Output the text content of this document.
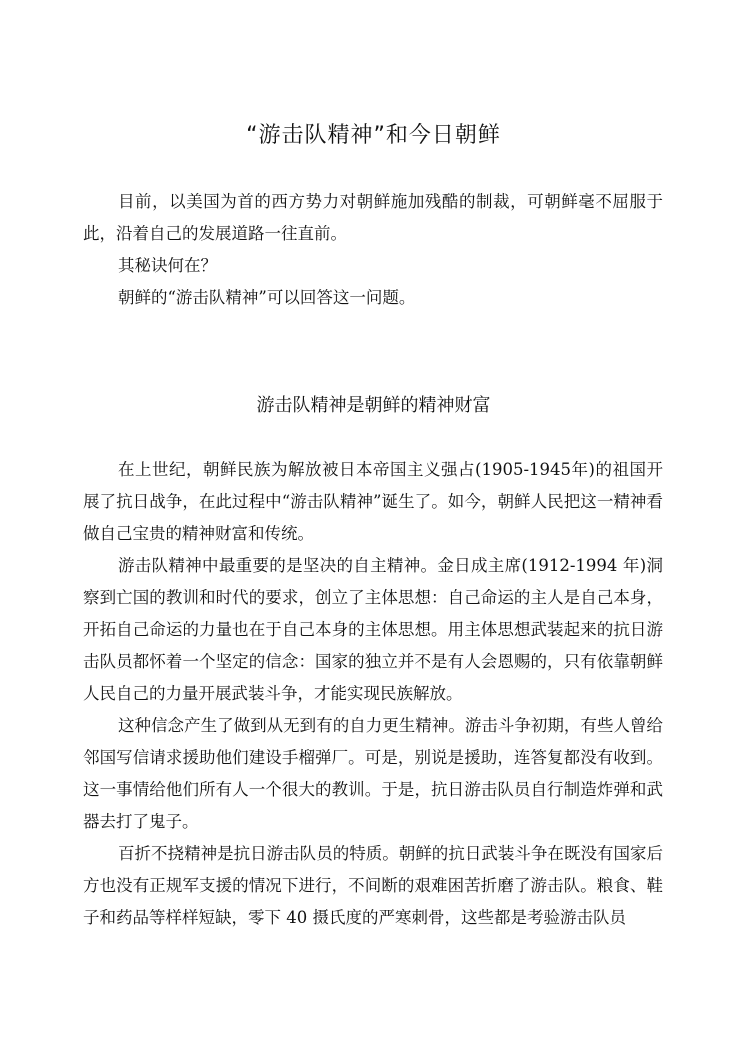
“游击队精神”和今日朝鲜

目前，以美国为首的西方势力对朝鲜施加残酷的制裁，可朝鲜毫不屈服于此，沿着自己的发展道路一往直前。

其秘诀何在？

朝鲜的“游击队精神”可以回答这一问题。

游击队精神是朝鲜的精神财富

在上世纪，朝鲜民族为解放被日本帝国主义强占(1905-1945年)的祖国开展了抗日战争，在此过程中“游击队精神”诞生了。如今，朝鲜人民把这一精神看做自己宝贵的精神财富和传统。

游击队精神中最重要的是坚决的自主精神。金日成主席(1912-1994 年)洞察到亡国的教训和时代的要求，创立了主体思想：自己命运的主人是自己本身，开拓自己命运的力量也在于自己本身的主体思想。用主体思想武装起来的抗日游击队员都怀着一个坚定的信念：国家的独立并不是有人会恩赐的，只有依靠朝鲜人民自己的力量开展武装斗争，才能实现民族解放。

这种信念产生了做到从无到有的自力更生精神。游击斗争初期，有些人曾给邻国写信请求援助他们建设手榴弹厂。可是，别说是援助，连答复都没有收到。这一事情给他们所有人一个很大的教训。于是，抗日游击队员自行制造炸弹和武器去打了鬼子。

百折不挠精神是抗日游击队员的特质。朝鲜的抗日武装斗争在既没有国家后方也没有正规军支援的情况下进行，不间断的艰难困苦折磨了游击队。粮食、鞋子和药品等样样短缺，零下 40 摄氏度的严寒刺骨，这些都是考验游击队员
